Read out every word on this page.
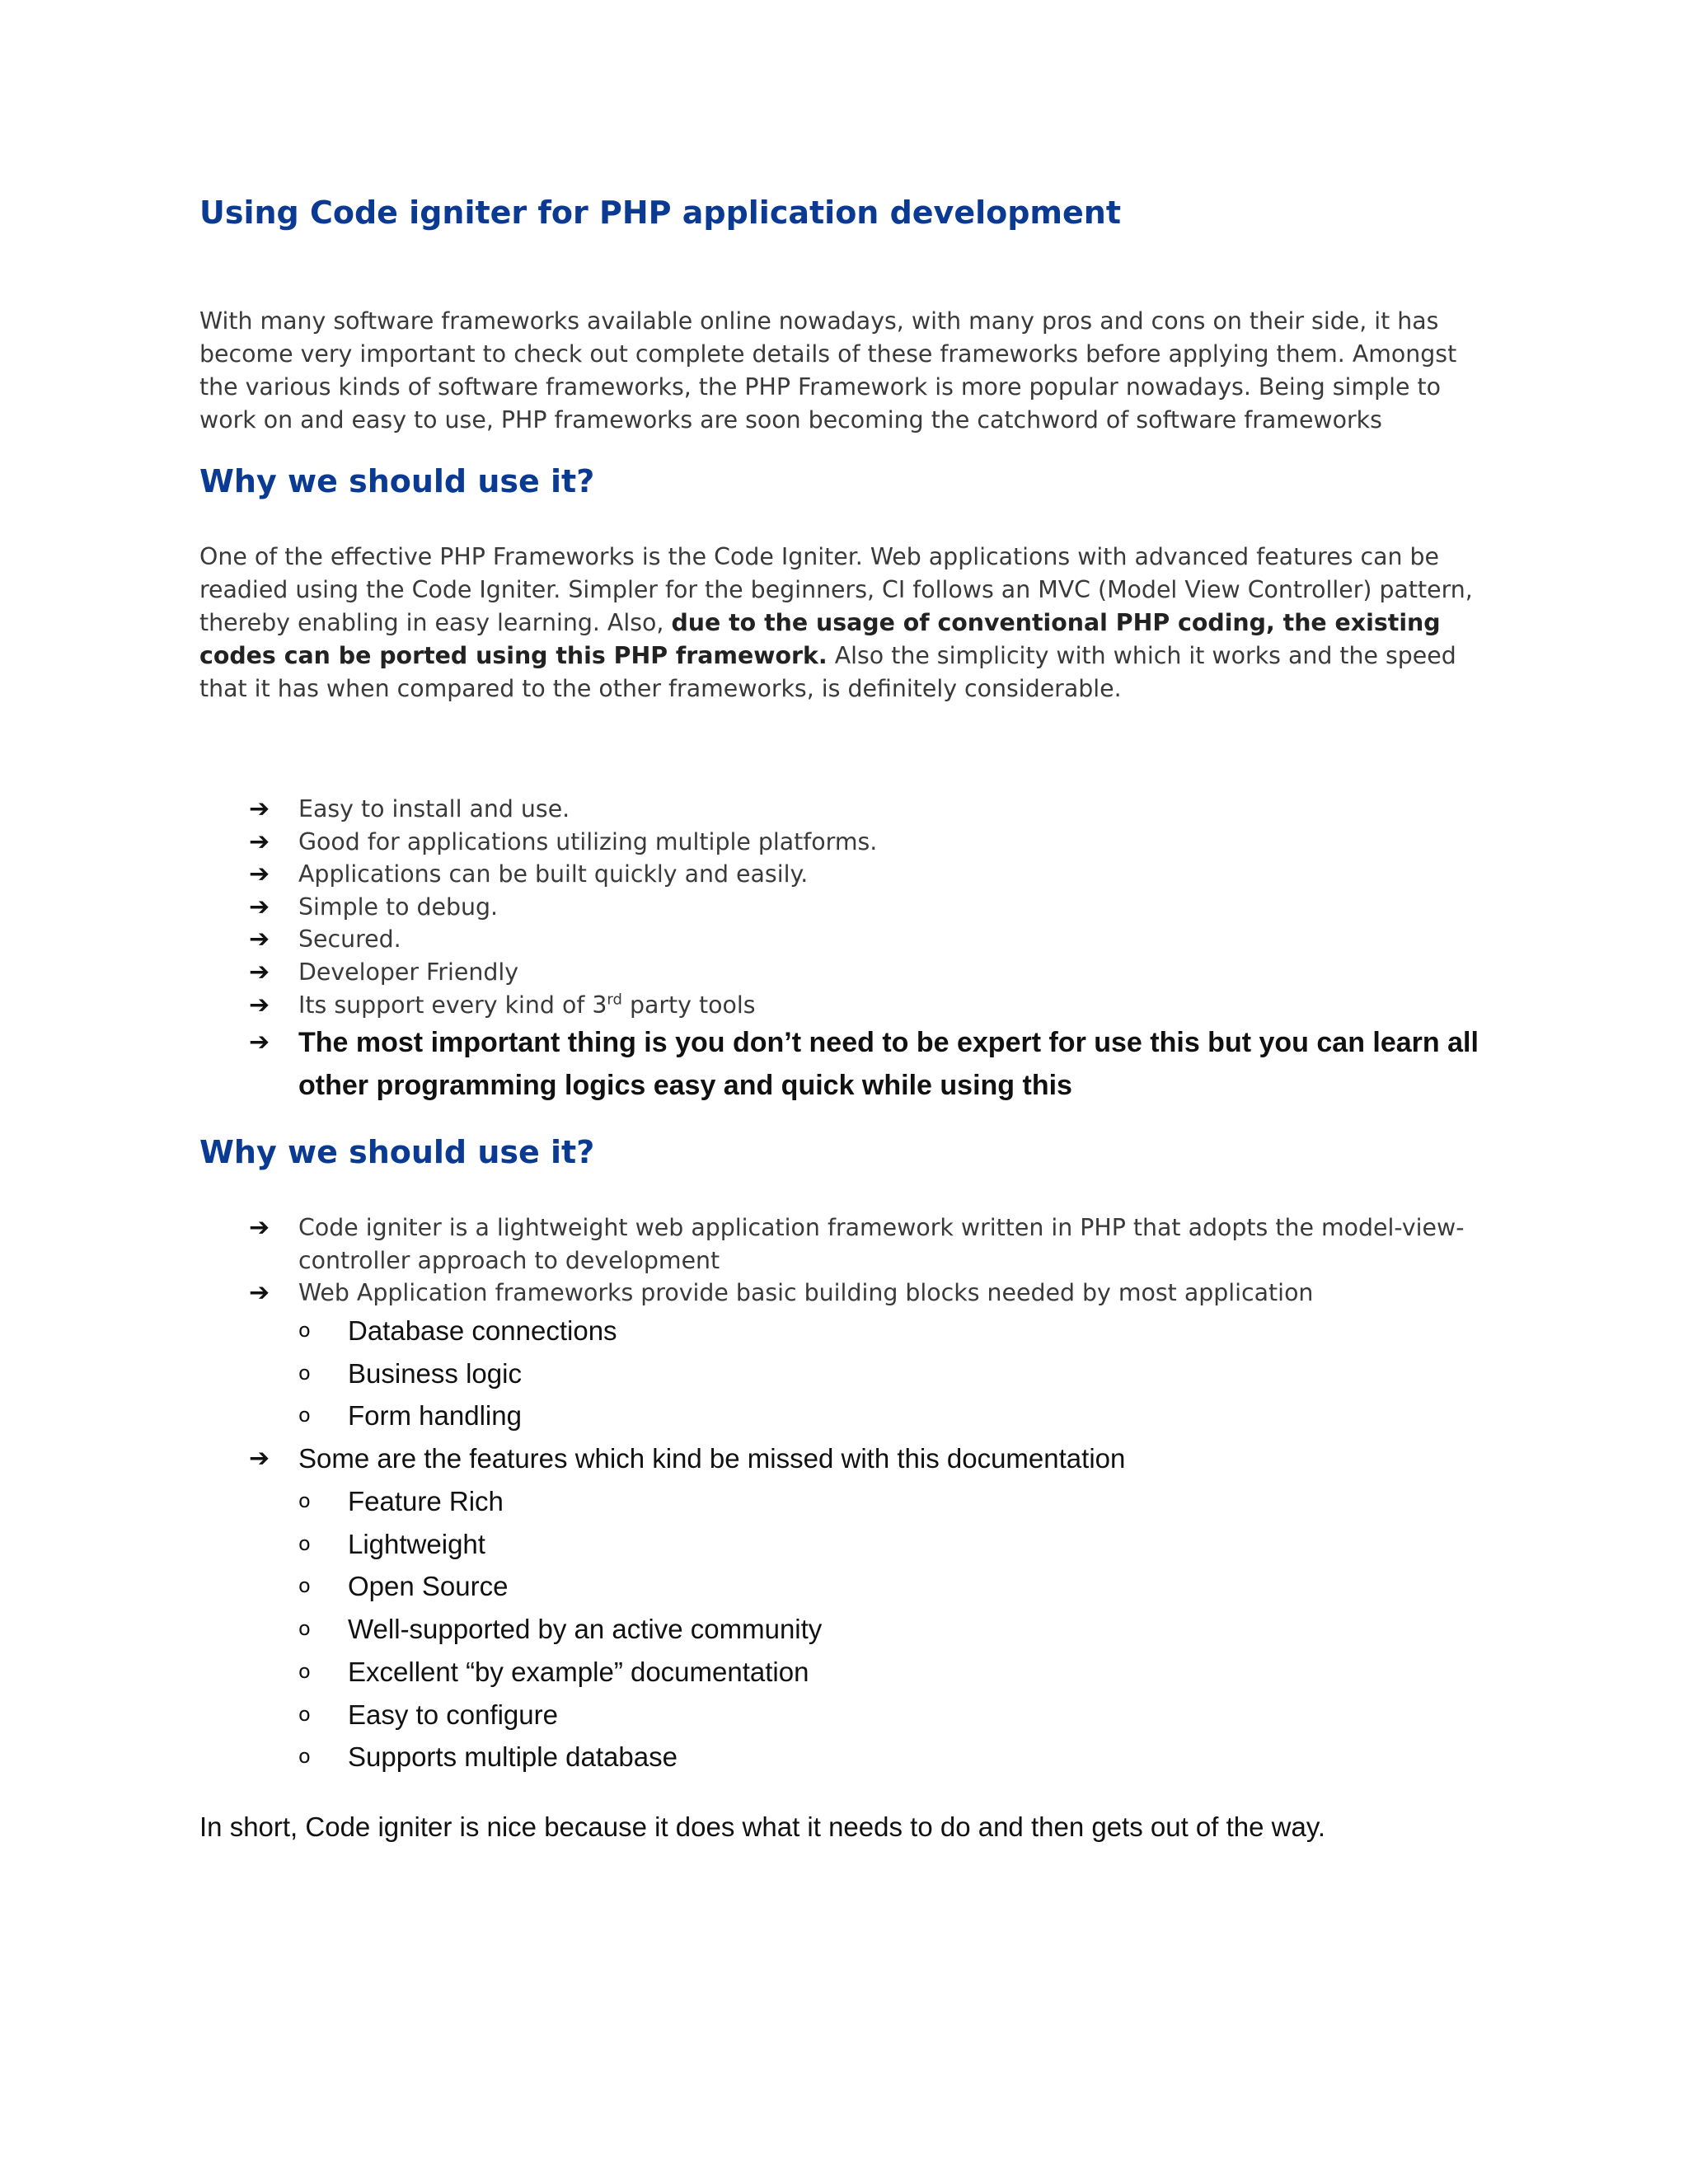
Using Code igniter for PHP application development

With many software frameworks available online nowadays, with many pros and cons on their side, it has become very important to check out complete details of these frameworks before applying them. Amongst the various kinds of software frameworks, the PHP Framework is more popular nowadays. Being simple to work on and easy to use, PHP frameworks are soon becoming the catchword of software frameworks

Why we should use it?

One of the effective PHP Frameworks is the Code Igniter. Web applications with advanced features can be readied using the Code Igniter. Simpler for the beginners, CI follows an MVC (Model View Controller) pattern, thereby enabling in easy learning. Also, due to the usage of conventional PHP coding, the existing codes can be ported using this PHP framework. Also the simplicity with which it works and the speed that it has when compared to the other frameworks, is definitely considerable.

➔ Easy to install and use.
➔ Good for applications utilizing multiple platforms.
➔ Applications can be built quickly and easily.
➔ Simple to debug.
➔ Secured.
➔ Developer Friendly
➔ Its support every kind of 3rd party tools
➔ The most important thing is you don’t need to be expert for use this but you can learn all other programming logics easy and quick while using this
Why we should use it?
➔ Code igniter is a lightweight web application framework written in PHP that adopts the model-view-controller approach to development
➔ Web Application frameworks provide basic building blocks needed by most application
o Database connections
o Business logic
o Form handling
➔ Some are the features which kind be missed with this documentation
o Feature Rich
o Lightweight
o Open Source
o Well-supported by an active community
o Excellent “by example” documentation
o Easy to configure
o Supports multiple database

In short, Code igniter is nice because it does what it needs to do and then gets out of the way.
